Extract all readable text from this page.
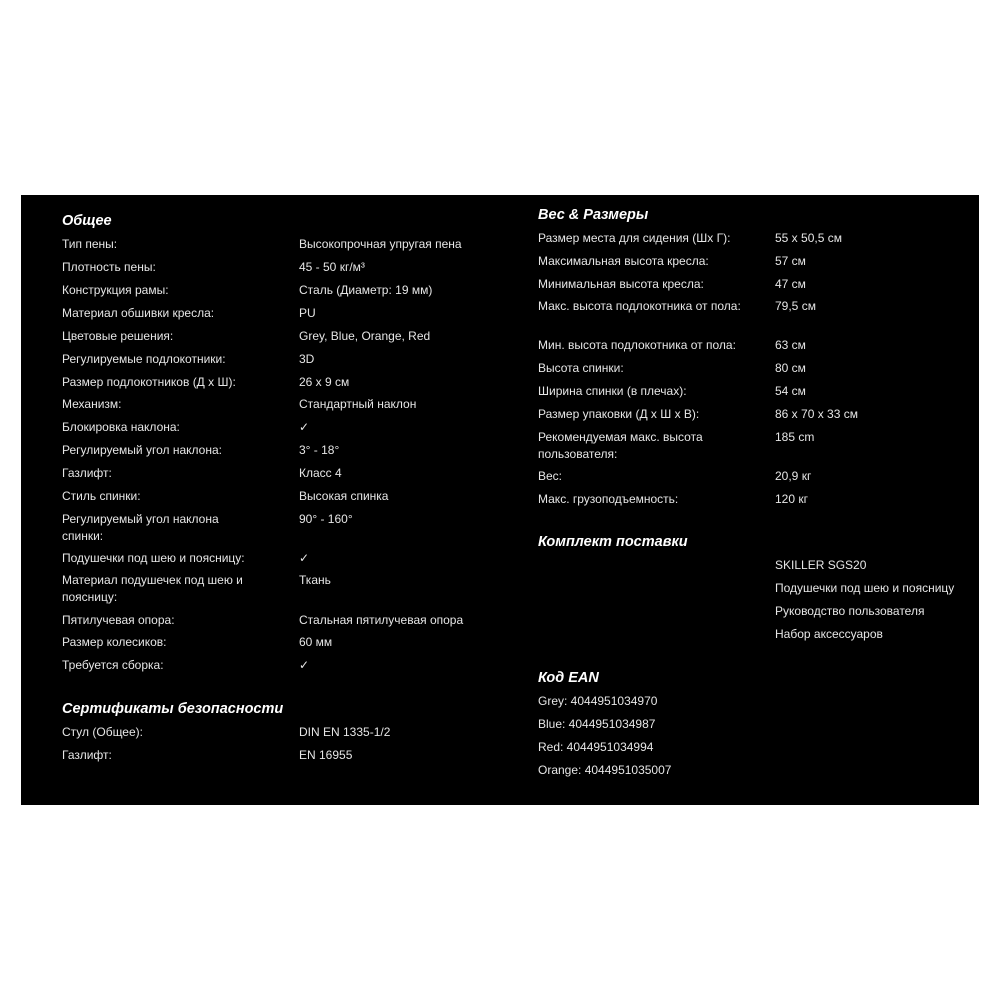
Общее
Тип пены:	Высокопрочная упругая пена
Плотность пены:	45 - 50 кг/м³
Конструкция рамы:	Сталь (Диаметр: 19 мм)
Материал обшивки кресла:	PU
Цветовые решения:	Grey, Blue, Orange, Red
Регулируемые подлокотники:	3D
Размер подлокотников (Д x Ш):	26 x 9 см
Механизм:	Стандартный наклон
Блокировка наклона:	✓
Регулируемый угол наклона:	3° - 18°
Газлифт:	Класс 4
Стиль спинки:	Высокая спинка
Регулируемый угол наклона спинки:
90° - 160°
Подушечки под шею и поясницу:	✓
Материал подушечек под шею и поясницу:
Ткань
Пятилучевая опора:	Стальная пятилучевая опора
Размер колесиков:	60 мм
Требуется сборка:	✓
Сертификаты безопасности
Стул (Общее):	DIN EN 1335-1/2
Газлифт:	EN 16955
Вес & Размеры
Размер места для сидения (Шx Г):	55 x 50,5 см
Максимальная высота кресла:	57 см
Минимальная высота кресла:	47 см
Макс. высота подлокотника от пола:	79,5 см
Мин. высота подлокотника от пола:	63 см
Высота спинки:	80 см
Ширина спинки (в плечах):	54 см
Размер упаковки (Д x Ш x В):	86 x 70 x 33 см
Рекомендуемая макс. высота пользователя:
185 cm
Вес:	20,9 кг
Макс. грузоподъемность:	120 кг
Комплект поставки
SKILLER SGS20
Подушечки под шею и поясницу
Руководство пользователя
Набор аксессуаров
Код EAN
Grey: 4044951034970
Blue: 4044951034987
Red: 4044951034994
Orange: 4044951035007
